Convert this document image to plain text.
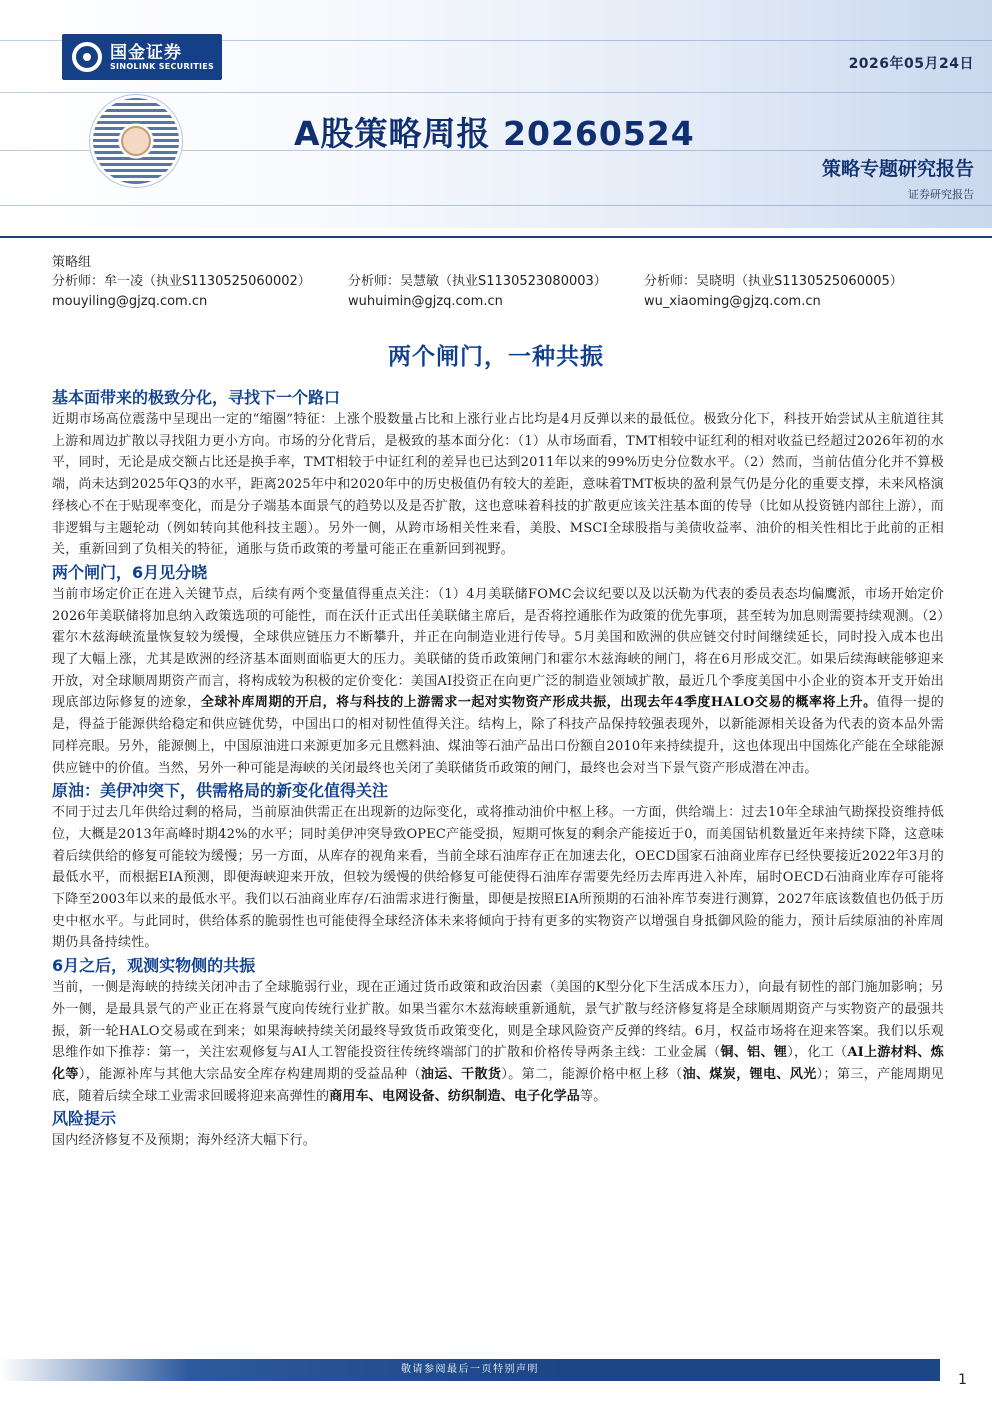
国金证券
SINOLINK SECURITIES	2026年05月24日
A股策略周报 20260524
策略专题研究报告
证券研究报告
策略组
分析师：牟一凌（执业S1130525060002）
mouyiling@gjzq.com.cn
分析师：吴慧敏（执业S1130523080003）
wuhuimin@gjzq.com.cn
分析师：吴晓明（执业S1130525060005）
wu_xiaoming@gjzq.com.cn
两个闸门，一种共振
基本面带来的极致分化，寻找下一个路口
近期市场高位震荡中呈现出一定的“缩圈”特征：上涨个股数量占比和上涨行业占比均是4月反弹以来的最低位。极致分化下，科技开始尝试从主航道往其上游和周边扩散以寻找阻力更小方向。市场的分化背后，是极致的基本面分化：（1）从市场面看，TMT相较中证红利的相对收益已经超过2026年初的水平，同时，无论是成交额占比还是换手率，TMT相较于中证红利的差异也已达到2011年以来的99%历史分位数水平。（2）然而，当前估值分化并不算极端，尚未达到2025年Q3的水平，距离2025年中和2020年中的历史极值仍有较大的差距，意味着TMT板块的盈利景气仍是分化的重要支撑，未来风格演绎核心不在于贴现率变化，而是分子端基本面景气的趋势以及是否扩散，这也意味着科技的扩散更应该关注基本面的传导（比如从投资链内部往上游），而非逻辑与主题轮动（例如转向其他科技主题）。另外一侧，从跨市场相关性来看，美股、MSCI全球股指与美债收益率、油价的相关性相比于此前的正相关，重新回到了负相关的特征，通胀与货币政策的考量可能正在重新回到视野。
两个闸门，6月见分晓
当前市场定价正在进入关键节点，后续有两个变量值得重点关注：（1）4月美联储FOMC会议纪要以及以沃勒为代表的委员表态均偏鹰派，市场开始定价2026年美联储将加息纳入政策选项的可能性，而在沃什正式出任美联储主席后，是否将控通胀作为政策的优先事项，甚至转为加息则需要持续观测。（2）霍尔木兹海峡流量恢复较为缓慢，全球供应链压力不断攀升，并正在向制造业进行传导。5月美国和欧洲的供应链交付时间继续延长，同时投入成本也出现了大幅上涨，尤其是欧洲的经济基本面则面临更大的压力。美联储的货币政策闸门和霍尔木兹海峡的闸门，将在6月形成交汇。如果后续海峡能够迎来开放，对全球顺周期资产而言，将构成较为积极的定价变化：美国AI投资正在向更广泛的制造业领域扩散，最近几个季度美国中小企业的资本开支开始出现底部边际修复的迹象，全球补库周期的开启，将与科技的上游需求一起对实物资产形成共振，出现去年4季度HALO交易的概率将上升。值得一提的是，得益于能源供给稳定和供应链优势，中国出口的相对韧性值得关注。结构上，除了科技产品保持较强表现外，以新能源相关设备为代表的资本品外需同样亮眼。另外，能源侧上，中国原油进口来源更加多元且燃料油、煤油等石油产品出口份额自2010年来持续提升，这也体现出中国炼化产能在全球能源供应链中的价值。当然，另外一种可能是海峡的关闭最终也关闭了美联储货币政策的闸门，最终也会对当下景气资产形成潜在冲击。
原油：美伊冲突下，供需格局的新变化值得关注
不同于过去几年供给过剩的格局，当前原油供需正在出现新的边际变化，或将推动油价中枢上移。一方面，供给端上：过去10年全球油气勘探投资维持低位，大概是2013年高峰时期42%的水平；同时美伊冲突导致OPEC产能受损，短期可恢复的剩余产能接近于0，而美国钻机数量近年来持续下降，这意味着后续供给的修复可能较为缓慢；另一方面，从库存的视角来看，当前全球石油库存正在加速去化，OECD国家石油商业库存已经快要接近2022年3月的最低水平，而根据EIA预测，即便海峡迎来开放，但较为缓慢的供给修复可能使得石油库存需要先经历去库再进入补库，届时OECD石油商业库存可能将下降至2003年以来的最低水平。我们以石油商业库存/石油需求进行衡量，即便是按照EIA所预期的石油补库节奏进行测算，2027年底该数值也仍低于历史中枢水平。与此同时，供给体系的脆弱性也可能使得全球经济体未来将倾向于持有更多的实物资产以增强自身抵御风险的能力，预计后续原油的补库周期仍具备持续性。
6月之后，观测实物侧的共振
当前，一侧是海峡的持续关闭冲击了全球脆弱行业，现在正通过货币政策和政治因素（美国的K型分化下生活成本压力），向最有韧性的部门施加影响；另外一侧，是最具景气的产业正在将景气度向传统行业扩散。如果当霍尔木兹海峡重新通航，景气扩散与经济修复将是全球顺周期资产与实物资产的最强共振，新一轮HALO交易或在到来；如果海峡持续关闭最终导致货币政策变化，则是全球风险资产反弹的终结。6月，权益市场将在迎来答案。我们以乐观思维作如下推荐：第一，关注宏观修复与AI人工智能投资往传统终端部门的扩散和价格传导两条主线：工业金属（铜、铝、锂），化工（AI上游材料、炼化等），能源补库与其他大宗品安全库存构建周期的受益品种（油运、干散货）。第二，能源价格中枢上移（油、煤炭，锂电、风光）；第三，产能周期见底，随着后续全球工业需求回暖将迎来高弹性的商用车、电网设备、纺织制造、电子化学品等。
风险提示
国内经济修复不及预期；海外经济大幅下行。
敬请参阅最后一页特别声明
1
